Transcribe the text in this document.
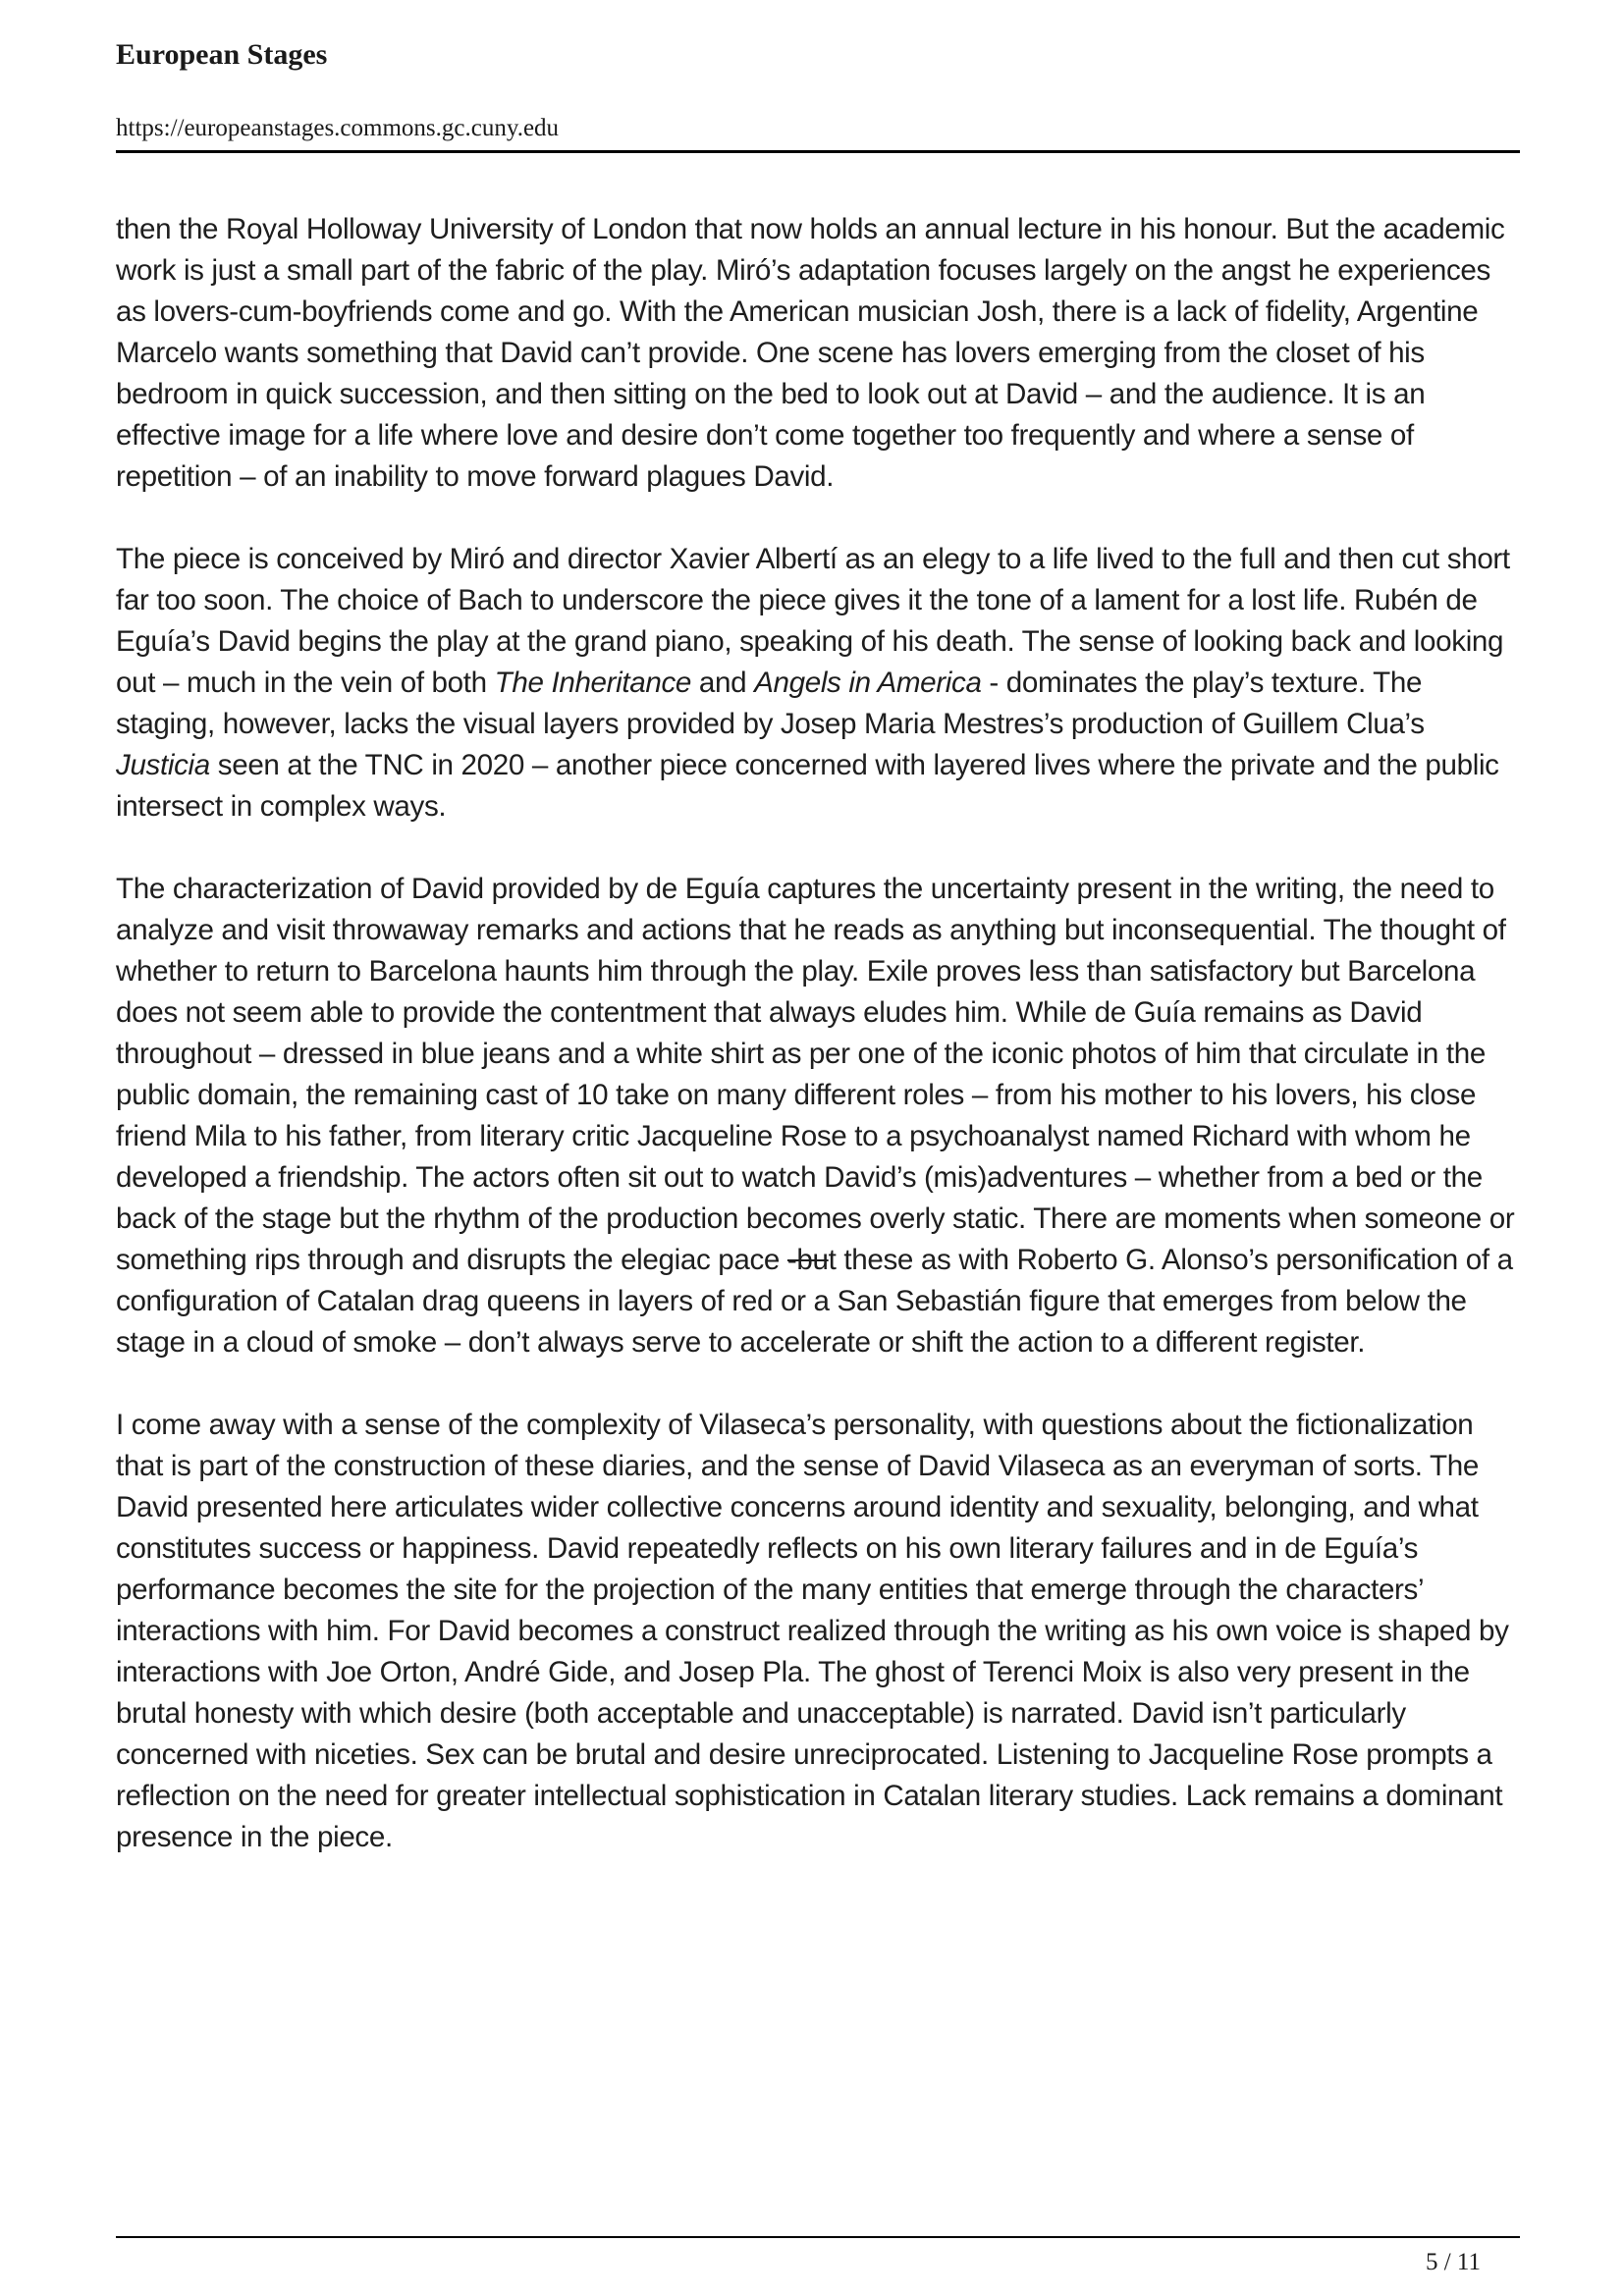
European Stages
https://europeanstages.commons.gc.cuny.edu

then the Royal Holloway University of London that now holds an annual lecture in his honour. But the academic work is just a small part of the fabric of the play. Miró’s adaptation focuses largely on the angst he experiences as lovers-cum-boyfriends come and go. With the American musician Josh, there is a lack of fidelity, Argentine Marcelo wants something that David can’t provide. One scene has lovers emerging from the closet of his bedroom in quick succession, and then sitting on the bed to look out at David – and the audience. It is an effective image for a life where love and desire don’t come together too frequently and where a sense of repetition – of an inability to move forward plagues David.

The piece is conceived by Miró and director Xavier Albertí as an elegy to a life lived to the full and then cut short far too soon. The choice of Bach to underscore the piece gives it the tone of a lament for a lost life. Rubén de Eguía’s David begins the play at the grand piano, speaking of his death. The sense of looking back and looking out – much in the vein of both The Inheritance and Angels in America - dominates the play’s texture. The staging, however, lacks the visual layers provided by Josep Maria Mestres’s production of Guillem Clua’s Justicia seen at the TNC in 2020 – another piece concerned with layered lives where the private and the public intersect in complex ways.

The characterization of David provided by de Eguía captures the uncertainty present in the writing, the need to analyze and visit throwaway remarks and actions that he reads as anything but inconsequential. The thought of whether to return to Barcelona haunts him through the play. Exile proves less than satisfactory but Barcelona does not seem able to provide the contentment that always eludes him. While de Guía remains as David throughout – dressed in blue jeans and a white shirt as per one of the iconic photos of him that circulate in the public domain, the remaining cast of 10 take on many different roles – from his mother to his lovers, his close friend Mila to his father, from literary critic Jacqueline Rose to a psychoanalyst named Richard with whom he developed a friendship. The actors often sit out to watch David’s (mis)adventures – whether from a bed or the back of the stage but the rhythm of the production becomes overly static. There are moments when someone or something rips through and disrupts the elegiac pace -but these as with Roberto G. Alonso’s personification of a configuration of Catalan drag queens in layers of red or a San Sebastián figure that emerges from below the stage in a cloud of smoke – don’t always serve to accelerate or shift the action to a different register.

I come away with a sense of the complexity of Vilaseca’s personality, with questions about the fictionalization that is part of the construction of these diaries, and the sense of David Vilaseca as an everyman of sorts. The David presented here articulates wider collective concerns around identity and sexuality, belonging, and what constitutes success or happiness. David repeatedly reflects on his own literary failures and in de Eguía’s performance becomes the site for the projection of the many entities that emerge through the characters’ interactions with him. For David becomes a construct realized through the writing as his own voice is shaped by interactions with Joe Orton, André Gide, and Josep Pla. The ghost of Terenci Moix is also very present in the brutal honesty with which desire (both acceptable and unacceptable) is narrated. David isn’t particularly concerned with niceties. Sex can be brutal and desire unreciprocated. Listening to Jacqueline Rose prompts a reflection on the need for greater intellectual sophistication in Catalan literary studies. Lack remains a dominant presence in the piece.

5 / 11
